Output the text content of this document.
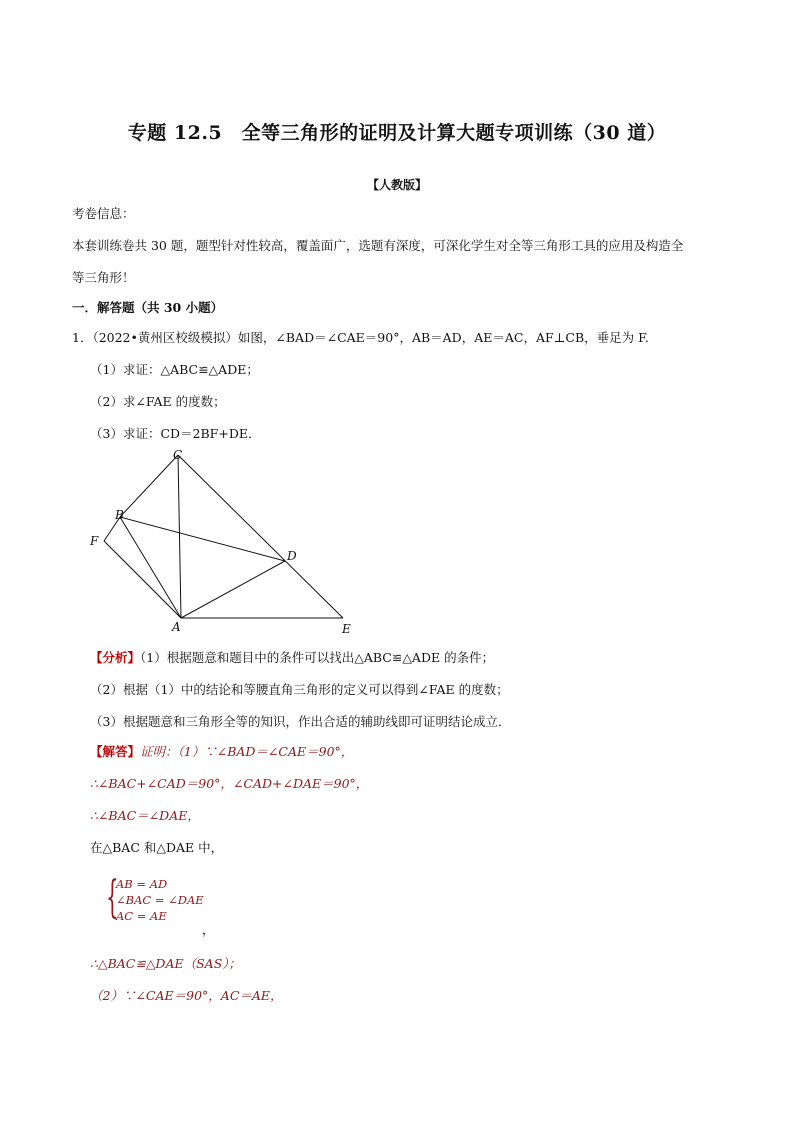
专题 12.5　全等三角形的证明及计算大题专项训练（30 道）
【人教版】
考卷信息：
本套训练卷共 30 题，题型针对性较高，覆盖面广，选题有深度，可深化学生对全等三角形工具的应用及构造全
等三角形！
一．解答题（共 30 小题）
1．（2022•黄州区校级模拟）如图，∠BAD＝∠CAE＝90°，AB＝AD，AE＝AC，AF⊥CB，垂足为 F.
（1）求证：△ABC≌△ADE；
（2）求∠FAE 的度数；
（3）求证：CD＝2BF+DE．
C
B
F
D
A	E
【分析】（1）根据题意和题目中的条件可以找出△ABC≌△ADE 的条件；
（2）根据（1）中的结论和等腰直角三角形的定义可以得到∠FAE 的度数；
（3）根据题意和三角形全等的知识，作出合适的辅助线即可证明结论成立．
【解答】证明：（1）∵∠BAD＝∠CAE＝90°，
∴∠BAC+∠CAD＝90°，∠CAD+∠DAE＝90°，
∴∠BAC＝∠DAE，
在△BAC 和△DAE 中，
{
AB = AD
∠BAC = ∠DAE
AC = AE
，
∴△BAC≌△DAE（SAS）；
（2）∵∠CAE＝90°，AC＝AE，
